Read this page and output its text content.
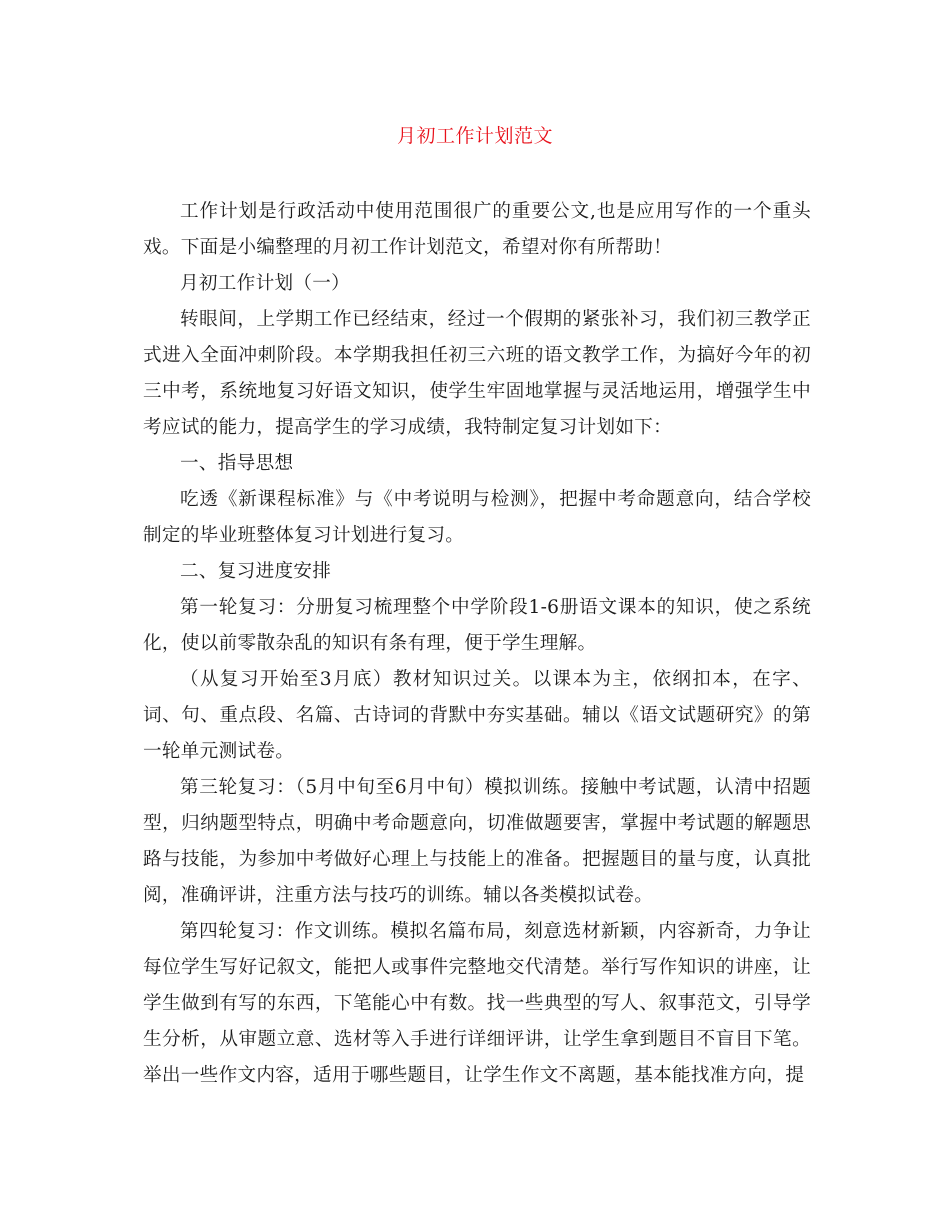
月初工作计划范文

工作计划是行政活动中使用范围很广的重要公文,也是应用写作的一个重头戏。下面是小编整理的月初工作计划范文，希望对你有所帮助！

月初工作计划（一）

转眼间，上学期工作已经结束，经过一个假期的紧张补习，我们初三教学正式进入全面冲刺阶段。本学期我担任初三六班的语文教学工作，为搞好今年的初三中考，系统地复习好语文知识，使学生牢固地掌握与灵活地运用，增强学生中考应试的能力，提高学生的学习成绩，我特制定复习计划如下：

一、指导思想

吃透《新课程标准》与《中考说明与检测》，把握中考命题意向，结合学校制定的毕业班整体复习计划进行复习。

二、复习进度安排

第一轮复习：分册复习梳理整个中学阶段1-6册语文课本的知识，使之系统化，使以前零散杂乱的知识有条有理，便于学生理解。

（从复习开始至3月底）教材知识过关。以课本为主，依纲扣本，在字、词、句、重点段、名篇、古诗词的背默中夯实基础。辅以《语文试题研究》的第一轮单元测试卷。

第三轮复习：（5月中旬至6月中旬）模拟训练。接触中考试题，认清中招题型，归纳题型特点，明确中考命题意向，切准做题要害，掌握中考试题的解题思路与技能，为参加中考做好心理上与技能上的准备。把握题目的量与度，认真批阅，准确评讲，注重方法与技巧的训练。辅以各类模拟试卷。

第四轮复习：作文训练。模拟名篇布局，刻意选材新颖，内容新奇，力争让每位学生写好记叙文，能把人或事件完整地交代清楚。举行写作知识的讲座，让学生做到有写的东西，下笔能心中有数。找一些典型的写人、叙事范文，引导学生分析，从审题立意、选材等入手进行详细评讲，让学生拿到题目不盲目下笔。举出一些作文内容，适用于哪些题目，让学生作文不离题，基本能找准方向，提
